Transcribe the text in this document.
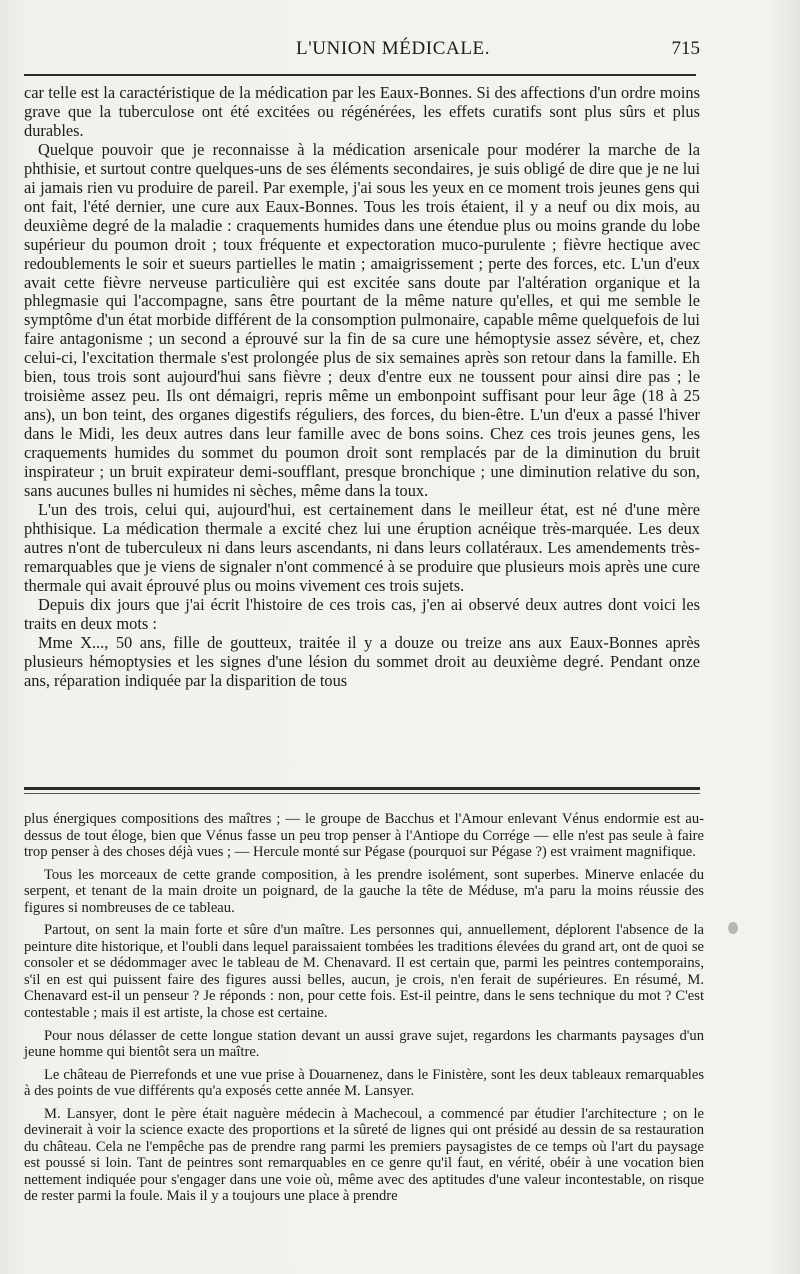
L'UNION MÉDICALE.	715

car telle est la caractéristique de la médication par les Eaux-Bonnes. Si des affections d'un ordre moins grave que la tuberculose ont été excitées ou régénérées, les effets curatifs sont plus sûrs et plus durables.

Quelque pouvoir que je reconnaisse à la médication arsenicale pour modérer la marche de la phthisie, et surtout contre quelques-uns de ses éléments secondaires, je suis obligé de dire que je ne lui ai jamais rien vu produire de pareil. Par exemple, j'ai sous les yeux en ce moment trois jeunes gens qui ont fait, l'été dernier, une cure aux Eaux-Bonnes. Tous les trois étaient, il y a neuf ou dix mois, au deuxième degré de la maladie : craquements humides dans une étendue plus ou moins grande du lobe supérieur du poumon droit ; toux fréquente et expectoration muco-purulente ; fièvre hectique avec redoublements le soir et sueurs partielles le matin ; amaigrissement ; perte des forces, etc. L'un d'eux avait cette fièvre nerveuse particulière qui est excitée sans doute par l'altération organique et la phlegmasie qui l'accompagne, sans être pourtant de la même nature qu'elles, et qui me semble le symptôme d'un état morbide différent de la consomption pulmonaire, capable même quelquefois de lui faire antagonisme ; un second a éprouvé sur la fin de sa cure une hémoptysie assez sévère, et, chez celui-ci, l'excitation thermale s'est prolongée plus de six semaines après son retour dans la famille. Eh bien, tous trois sont aujourd'hui sans fièvre ; deux d'entre eux ne toussent pour ainsi dire pas ; le troisième assez peu. Ils ont démaigri, repris même un embonpoint suffisant pour leur âge (18 à 25 ans), un bon teint, des organes digestifs réguliers, des forces, du bien-être. L'un d'eux a passé l'hiver dans le Midi, les deux autres dans leur famille avec de bons soins. Chez ces trois jeunes gens, les craquements humides du sommet du poumon droit sont remplacés par de la diminution du bruit inspirateur ; un bruit expirateur demi-soufflant, presque bronchique ; une diminution relative du son, sans aucunes bulles ni humides ni sèches, même dans la toux.

L'un des trois, celui qui, aujourd'hui, est certainement dans le meilleur état, est né d'une mère phthisique. La médication thermale a excité chez lui une éruption acnéique très-marquée. Les deux autres n'ont de tuberculeux ni dans leurs ascendants, ni dans leurs collatéraux. Les amendements très-remarquables que je viens de signaler n'ont commencé à se produire que plusieurs mois après une cure thermale qui avait éprouvé plus ou moins vivement ces trois sujets.

Depuis dix jours que j'ai écrit l'histoire de ces trois cas, j'en ai observé deux autres dont voici les traits en deux mots :

Mme X..., 50 ans, fille de goutteux, traitée il y a douze ou treize ans aux Eaux-Bonnes après plusieurs hémoptysies et les signes d'une lésion du sommet droit au deuxième degré. Pendant onze ans, réparation indiquée par la disparition de tous

plus énergiques compositions des maîtres ; — le groupe de Bacchus et l'Amour enlevant Vénus endormie est au-dessus de tout éloge, bien que Vénus fasse un peu trop penser à l'Antiope du Corrége — elle n'est pas seule à faire trop penser à des choses déjà vues ; — Hercule monté sur Pégase (pourquoi sur Pégase ?) est vraiment magnifique.

Tous les morceaux de cette grande composition, à les prendre isolément, sont superbes. Minerve enlacée du serpent, et tenant de la main droite un poignard, de la gauche la tête de Méduse, m'a paru la moins réussie des figures si nombreuses de ce tableau.

Partout, on sent la main forte et sûre d'un maître. Les personnes qui, annuellement, déplorent l'absence de la peinture dite historique, et l'oubli dans lequel paraissaient tombées les traditions élevées du grand art, ont de quoi se consoler et se dédommager avec le tableau de M. Chenavard. Il est certain que, parmi les peintres contemporains, s'il en est qui puissent faire des figures aussi belles, aucun, je crois, n'en ferait de supérieures. En résumé, M. Chenavard est-il un penseur ? Je réponds : non, pour cette fois. Est-il peintre, dans le sens technique du mot ? C'est contestable ; mais il est artiste, la chose est certaine.

Pour nous délasser de cette longue station devant un aussi grave sujet, regardons les charmants paysages d'un jeune homme qui bientôt sera un maître.

Le château de Pierrefonds et une vue prise à Douarnenez, dans le Finistère, sont les deux tableaux remarquables à des points de vue différents qu'a exposés cette année M. Lansyer.

M. Lansyer, dont le père était naguère médecin à Machecoul, a commencé par étudier l'architecture ; on le devinerait à voir la science exacte des proportions et la sûreté de lignes qui ont présidé au dessin de sa restauration du château. Cela ne l'empêche pas de prendre rang parmi les premiers paysagistes de ce temps où l'art du paysage est poussé si loin. Tant de peintres sont remarquables en ce genre qu'il faut, en vérité, obéir à une vocation bien nettement indiquée pour s'engager dans une voie où, même avec des aptitudes d'une valeur incontestable, on risque de rester parmi la foule. Mais il y a toujours une place à prendre
